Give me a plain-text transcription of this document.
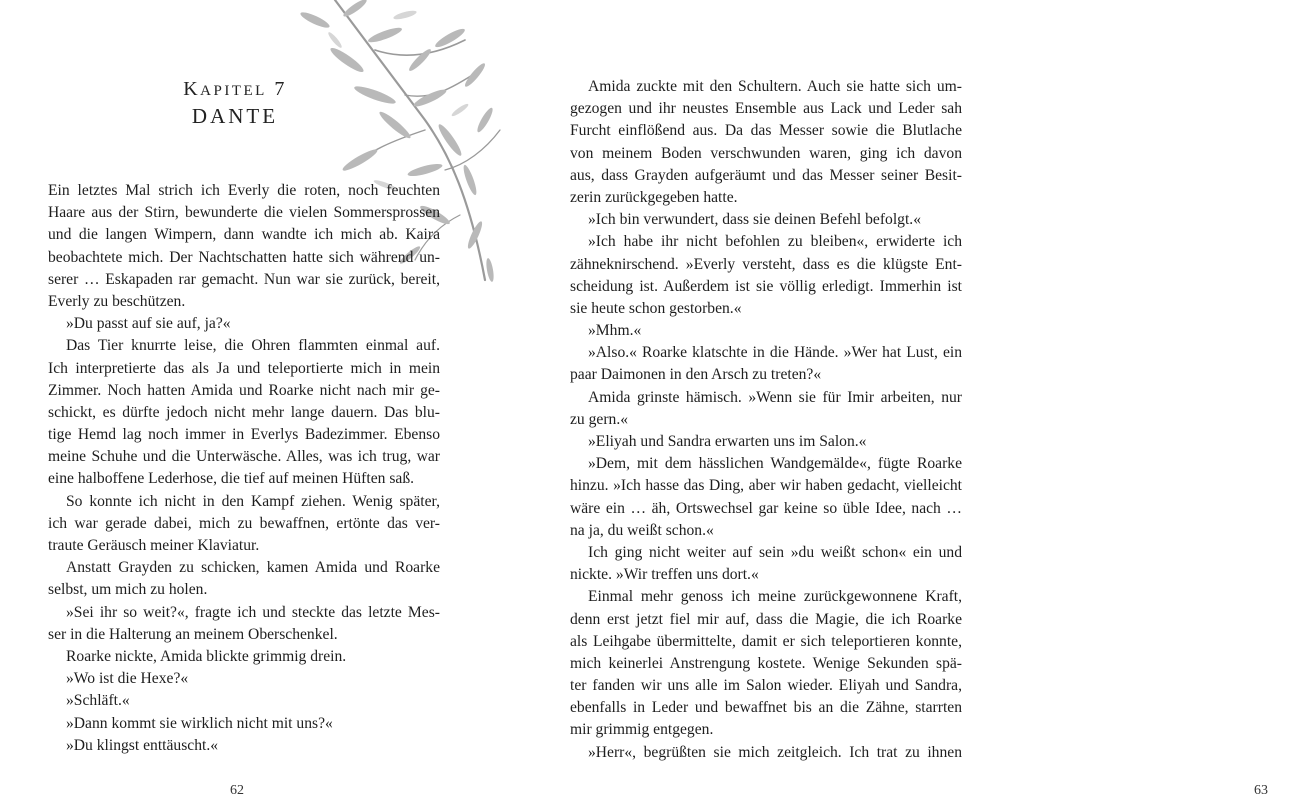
KAPITEL 7
DANTE
Ein letztes Mal strich ich Everly die roten, noch feuchten
Haare aus der Stirn, bewunderte die vielen Sommersprossen
und die langen Wimpern, dann wandte ich mich ab. Kaira
beobachtete mich. Der Nachtschatten hatte sich während un-
serer … Eskapaden rar gemacht. Nun war sie zurück, bereit,
Everly zu beschützen.
»Du passt auf sie auf, ja?«
Das Tier knurrte leise, die Ohren flammten einmal auf.
Ich interpretierte das als Ja und teleportierte mich in mein
Zimmer. Noch hatten Amida und Roarke nicht nach mir ge-
schickt, es dürfte jedoch nicht mehr lange dauern. Das blu-
tige Hemd lag noch immer in Everlys Badezimmer. Ebenso
meine Schuhe und die Unterwäsche. Alles, was ich trug, war
eine halboffene Lederhose, die tief auf meinen Hüften saß.
So konnte ich nicht in den Kampf ziehen. Wenig später,
ich war gerade dabei, mich zu bewaffnen, ertönte das ver-
traute Geräusch meiner Klaviatur.
Anstatt Grayden zu schicken, kamen Amida und Roarke
selbst, um mich zu holen.
»Sei ihr so weit?«, fragte ich und steckte das letzte Mes-
ser in die Halterung an meinem Oberschenkel.
Roarke nickte, Amida blickte grimmig drein.
»Wo ist die Hexe?«
»Schläft.«
»Dann kommt sie wirklich nicht mit uns?«
»Du klingst enttäuscht.«
62	63
Amida zuckte mit den Schultern. Auch sie hatte sich um-
gezogen und ihr neustes Ensemble aus Lack und Leder sah
Furcht einflößend aus. Da das Messer sowie die Blutlache
von meinem Boden verschwunden waren, ging ich davon
aus, dass Grayden aufgeräumt und das Messer seiner Besit-
zerin zurückgegeben hatte.
»Ich bin verwundert, dass sie deinen Befehl befolgt.«
»Ich habe ihr nicht befohlen zu bleiben«, erwiderte ich
zähneknirschend. »Everly versteht, dass es die klügste Ent-
scheidung ist. Außerdem ist sie völlig erledigt. Immerhin ist
sie heute schon gestorben.«
»Mhm.«
»Also.« Roarke klatschte in die Hände. »Wer hat Lust, ein
paar Daimonen in den Arsch zu treten?«
Amida grinste hämisch. »Wenn sie für Imir arbeiten, nur
zu gern.«
»Eliyah und Sandra erwarten uns im Salon.«
»Dem, mit dem hässlichen Wandgemälde«, fügte Roarke
hinzu. »Ich hasse das Ding, aber wir haben gedacht, vielleicht
wäre ein … äh, Ortswechsel gar keine so üble Idee, nach …
na ja, du weißt schon.«
Ich ging nicht weiter auf sein »du weißt schon« ein und
nickte. »Wir treffen uns dort.«
Einmal mehr genoss ich meine zurückgewonnene Kraft,
denn erst jetzt fiel mir auf, dass die Magie, die ich Roarke
als Leihgabe übermittelte, damit er sich teleportieren konnte,
mich keinerlei Anstrengung kostete. Wenige Sekunden spä-
ter fanden wir uns alle im Salon wieder. Eliyah und Sandra,
ebenfalls in Leder und bewaffnet bis an die Zähne, starrten
mir grimmig entgegen.
»Herr«, begrüßten sie mich zeitgleich. Ich trat zu ihnen
